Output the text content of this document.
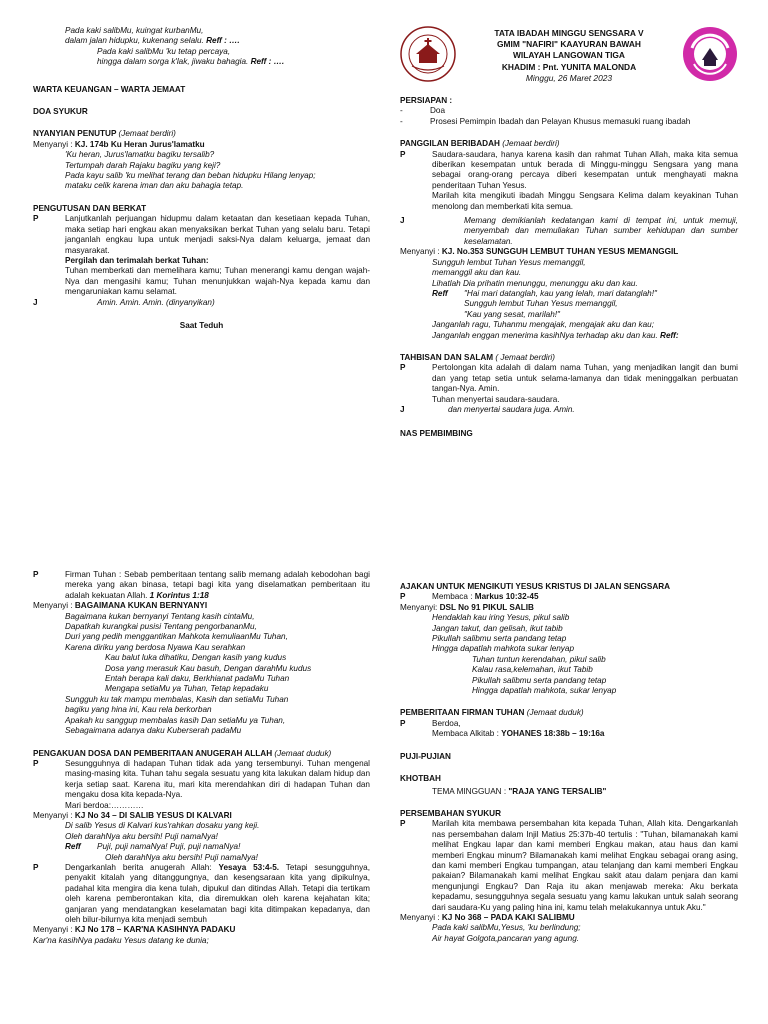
Pada kaki salibMu, kuingat kurbanMu,
dalam jalan hidupku, kukenang selalu. Reff : ….
Pada kaki salibMu 'ku tetap percaya,
hingga dalam sorga k'lak, jiwaku bahagia. Reff : ….
WARTA KEUANGAN – WARTA JEMAAT
DOA SYUKUR
NYANYIAN PENUTUP (Jemaat berdiri)
Menyanyi : KJ. 174b Ku Heran Jurus'lamatku
'Ku heran, Jurus'lamatku bagiku tersalib?
Tertumpah darah Rajaku bagiku yang keji?
Pada kayu salib 'ku melihat terang dan beban hidupku Hilang lenyap;
mataku celik karena iman dan aku bahagia tetap.
PENGUTUSAN DAN BERKAT
P	Lanjutkanlah perjuangan hidupmu dalam ketaatan dan kesetiaan kepada Tuhan, maka setiap hari engkau akan menyaksikan berkat Tuhan yang selalu baru. Tetapi janganlah engkau lupa untuk menjadi saksi-Nya dalam keluarga, jemaat dan masyarakat.
Pergilah dan terimalah berkat Tuhan:
Tuhan memberkati dan memelihara kamu; Tuhan menerangi kamu dengan wajah-Nya dan mengasihi kamu; Tuhan menunjukkan wajah-Nya kepada kamu dan mengaruniakan kamu selamat.
J	Amin. Amin. Amin. (dinyanyikan)
Saat Teduh
TATA IBADAH MINGGU SENGSARA V
GMIM "NAFIRI" KAAYURAN BAWAH
WILAYAH LANGOWAN TIGA
KHADIM : Pnt. YUNITA MALONDA
Minggu, 26 Maret 2023
PERSIAPAN :
-	Doa
-	Prosesi Pemimpin Ibadah dan Pelayan Khusus memasuki ruang ibadah
PANGGILAN BERIBADAH (Jemaat berdiri)
P	Saudara-saudara, hanya karena kasih dan rahmat Tuhan Allah, maka kita semua diberikan kesempatan untuk berada di Minggu-minggu Sengsara yang mana sebagai orang-orang percaya diberi kesempatan untuk menghayati makna penderitaan Tuhan Yesus.
Marilah kita mengikuti ibadah Minggu Sengsara Kelima dalam keyakinan Tuhan menolong dan memberkati kita semua.
J	Memang demikianlah kedatangan kami di tempat ini, untuk memuji, menyembah dan memuliakan Tuhan sumber kehidupan dan sumber keselamatan.
Menyanyi : KJ. No.353 SUNGGUH LEMBUT TUHAN YESUS MEMANGGIL
Sungguh lembut Tuhan Yesus memanggil,
memanggil aku dan kau.
Lihatlah Dia prihatin menunggu, menunggu aku dan kau.
Reff	"Hai mari datanglah, kau yang lelah, mari datanglah!"
Sungguh lembut Tuhan Yesus memanggil,
"Kau yang sesat, marilah!"
Janganlah ragu, Tuhanmu mengajak, mengajak aku dan kau;
Janganlah enggan menerima kasihNya terhadap aku dan kau. Reff:
TAHBISAN DAN SALAM ( Jemaat berdiri)
P	Pertolongan kita adalah di dalam nama Tuhan, yang menjadikan langit dan bumi dan yang tetap setia untuk selama-lamanya dan tidak meninggalkan perbuatan tangan-Nya. Amin.
Tuhan menyertai saudara-saudara.
J	dan menyertai saudara juga. Amin.
NAS PEMBIMBING
P	Firman Tuhan : Sebab pemberitaan tentang salib memang adalah kebodohan bagi mereka yang akan binasa, tetapi bagi kita yang diselamatkan pemberitaan itu adalah kekuatan Allah. 1 Korintus 1:18
Menyanyi : BAGAIMANA KUKAN BERNYANYI
Bagaimana kukan bernyanyi Tentang kasih cintaMu,
Dapatkah kurangkai pusisi Tentang pengorbananMu,
Duri yang pedih menggantikan Mahkota kemuliaanMu Tuhan,
Karena diriku yang berdosa Nyawa Kau serahkan
Kau balut luka dihatiku, Dengan kasih yang kudus
Dosa yang merasuk Kau basuh, Dengan darahMu kudus
Entah berapa kali daku, Berkhianat padaMu Tuhan
Mengapa setiaMu ya Tuhan, Tetap kepadaku
Sungguh ku tak mampu membalas, Kasih dan setiaMu Tuhan
bagiku yang hina ini, Kau rela berkorban
Apakah ku sanggup membalas kasih Dan setiaMu ya Tuhan,
Sebagaimana adanya daku Kuberserah padaMu
PENGAKUAN DOSA DAN PEMBERITAAN ANUGERAH ALLAH (Jemaat duduk)
P	Sesungguhnya di hadapan Tuhan tidak ada yang tersembunyi. Tuhan mengenal masing-masing kita. Tuhan tahu segala sesuatu yang kita lakukan dalam hidup dan kerja setiap saat. Karena itu, mari kita merendahkan diri di hadapan Tuhan dan mengaku dosa kita kepada-Nya.
Mari berdoa:…………
Menyanyi : KJ No 34 – DI SALIB YESUS DI KALVARI
Di salib Yesus di Kalvari kus'rahkan dosaku yang keji.
Oleh darahNya aku bersih! Puji namaNya!
Reff	Puji, puji namaNya! Puji, puji namaNya!
Oleh darahNya aku bersih! Puji namaNya!
P	Dengarkanlah berita anugerah Allah: Yesaya 53:4-5. Tetapi sesungguhnya, penyakit kitalah yang ditanggungnya, dan kesengsaraan kita yang dipikulnya, padahal kita mengira dia kena tulah, dipukul dan ditindas Allah. Tetapi dia tertikam oleh karena pemberontakan kita, dia diremukkan oleh karena kejahatan kita; ganjaran yang mendatangkan keselamatan bagi kita ditimpakan kepadanya, dan oleh bilur-bilurnya kita menjadi sembuh
Menyanyi : KJ No 178 – KAR'NA KASIHNYA PADAKU
Kar'na kasihNya padaku Yesus datang ke dunia;
AJAKAN UNTUK MENGIKUTI YESUS KRISTUS DI JALAN SENGSARA
P	Membaca : Markus 10:32-45
Menyanyi: DSL No 91 PIKUL SALIB
Hendaklah kau iring Yesus, pikul salib
Jangan takut, dan gelisah, ikut tabib
Pikullah salibmu serta pandang tetap
Hingga dapatlah mahkota sukar lenyap
Tuhan tuntun kerendahan, pikul salib
Kalau rasa,kelemahan, ikut Tabib
Pikullah salibmu serta pandang tetap
Hingga dapatlah mahkota, sukar lenyap
PEMBERITAAN FIRMAN TUHAN (Jemaat duduk)
P	Berdoa,
Membaca Alkitab : YOHANES 18:38b – 19:16a
PUJI-PUJIAN
KHOTBAH
TEMA MINGGUAN : "RAJA YANG TERSALIB"
PERSEMBAHAN SYUKUR
P	Marilah kita membawa persembahan kita kepada Tuhan, Allah kita. Dengarkanlah nas persembahan dalam Injil Matius 25:37b-40 tertulis : "Tuhan, bilamanakah kami melihat Engkau lapar dan kami memberi Engkau makan, atau haus dan kami memberi Engkau minum? Bilamanakah kami melihat Engkau sebagai orang asing, dan kami memberi Engkau tumpangan, atau telanjang dan kami memberi Engkau pakaian? Bilamanakah kami melihat Engkau sakit atau dalam penjara dan kami mengunjungi Engkau? Dan Raja itu akan menjawab mereka: Aku berkata kepadamu, sesungguhnya segala sesuatu yang kamu lakukan untuk salah seorang dari saudara-Ku yang paling hina ini, kamu telah melakukannya untuk Aku."
Menyanyi : KJ No 368 – PADA KAKI SALIBMU
Pada kaki salibMu,Yesus, 'ku berlindung;
Air hayat Golgota,pancaran yang agung.
